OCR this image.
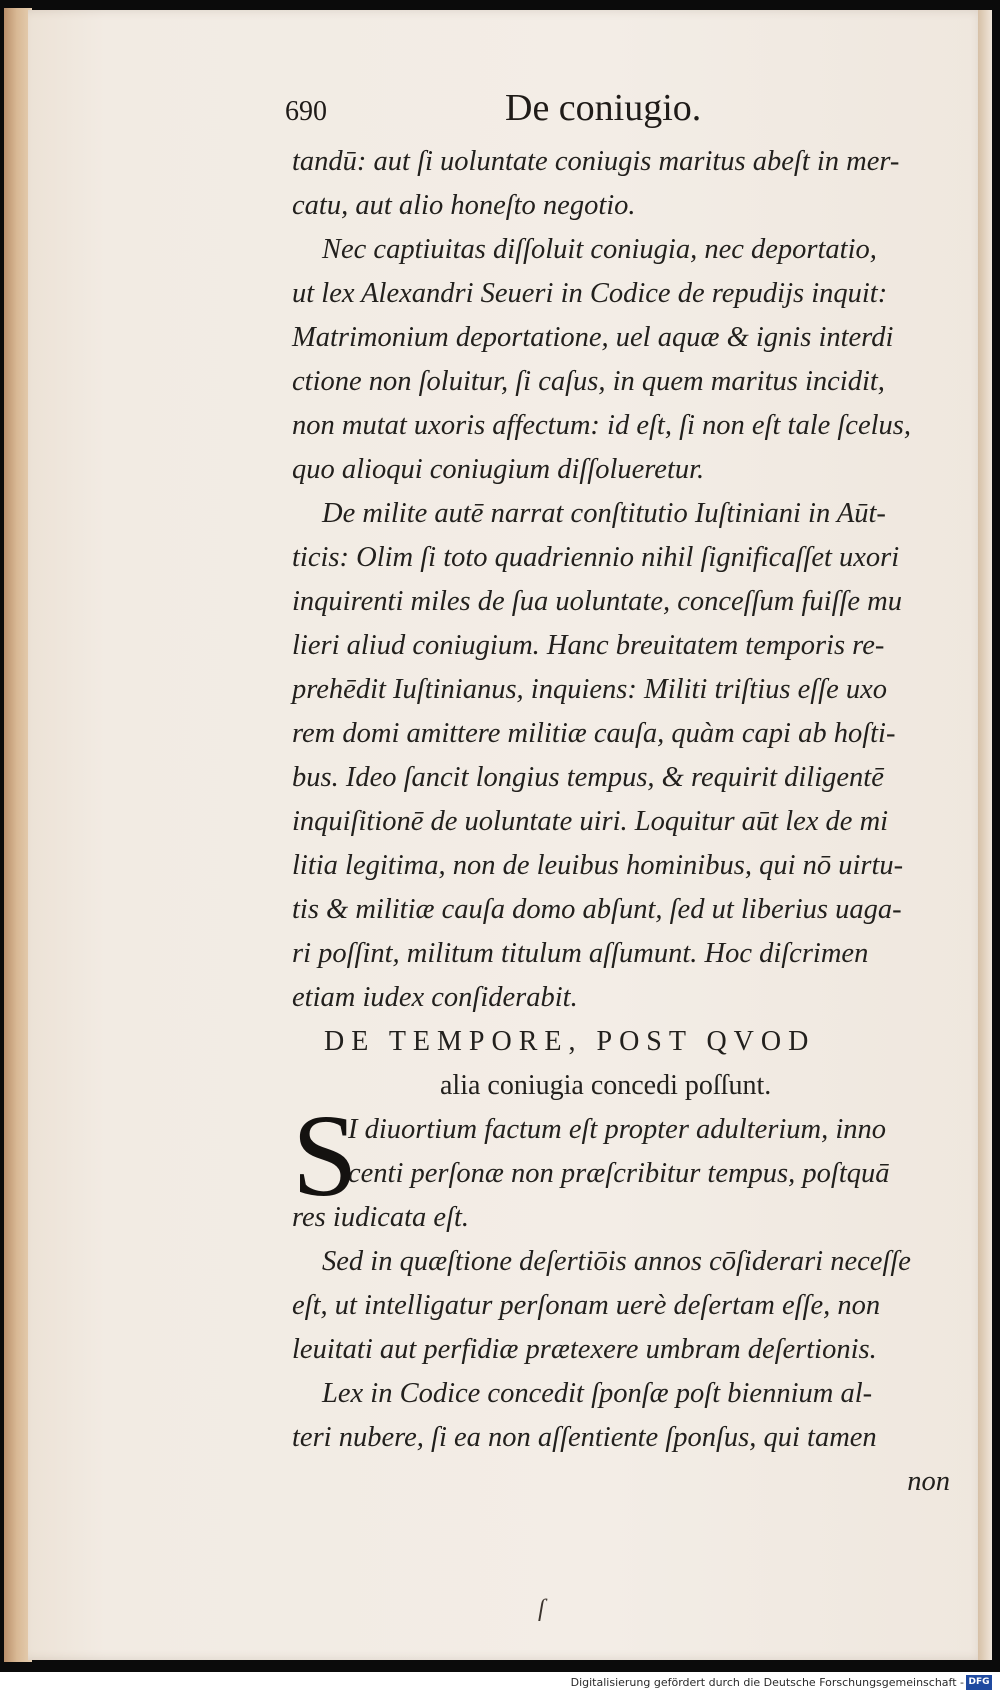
690	De coniugio.
tandū: aut ſi uoluntate coniugis maritus abeſt in mer-
catu, aut alio honeſto negotio.
Nec captiuitas diſſoluit coniugia, nec deportatio,
ut lex Alexandri Seueri in Codice de repudijs inquit:
Matrimonium deportatione, uel aquæ & ignis interdi
ctione non ſoluitur, ſi caſus, in quem maritus incidit,
non mutat uxoris affectum: id eſt, ſi non eſt tale ſcelus,
quo alioqui coniugium diſſolueretur.
De milite autē narrat conſtitutio Iuſtiniani in Aūt-
ticis: Olim ſi toto quadriennio nihil ſignificaſſet uxori
inquirenti miles de ſua uoluntate, conceſſum fuiſſe mu
lieri aliud coniugium. Hanc breuitatem temporis re-
prehēdit Iuſtinianus, inquiens: Militi triſtius eſſe uxo
rem domi amittere militiæ cauſa, quàm capi ab hoſti-
bus. Ideo ſancit longius tempus, & requirit diligentē
inquiſitionē de uoluntate uiri. Loquitur aūt lex de mi
litia legitima, non de leuibus hominibus, qui nō uirtu-
tis & militiæ cauſa domo abſunt, ſed ut liberius uaga-
ri poſſint, militum titulum aſſumunt. Hoc diſcrimen
etiam iudex conſiderabit.
DE TEMPORE, POST QVOD
alia coniugia concedi poſſunt.
S
I diuortium factum eſt propter adulterium, inno
centi perſonæ non præſcribitur tempus, poſtquā
res iudicata eſt.
Sed in quæſtione deſertiōis annos cōſiderari neceſſe
eſt, ut intelligatur perſonam uerè deſertam eſſe, non
leuitati aut perfidiæ prætexere umbram deſertionis.
Lex in Codice concedit ſponſæ poſt biennium al-
teri nubere, ſi ea non aſſentiente ſponſus, qui tamen
non
ſ
Digitalisierung gefördert durch die Deutsche Forschungsgemeinschaft - DFG
